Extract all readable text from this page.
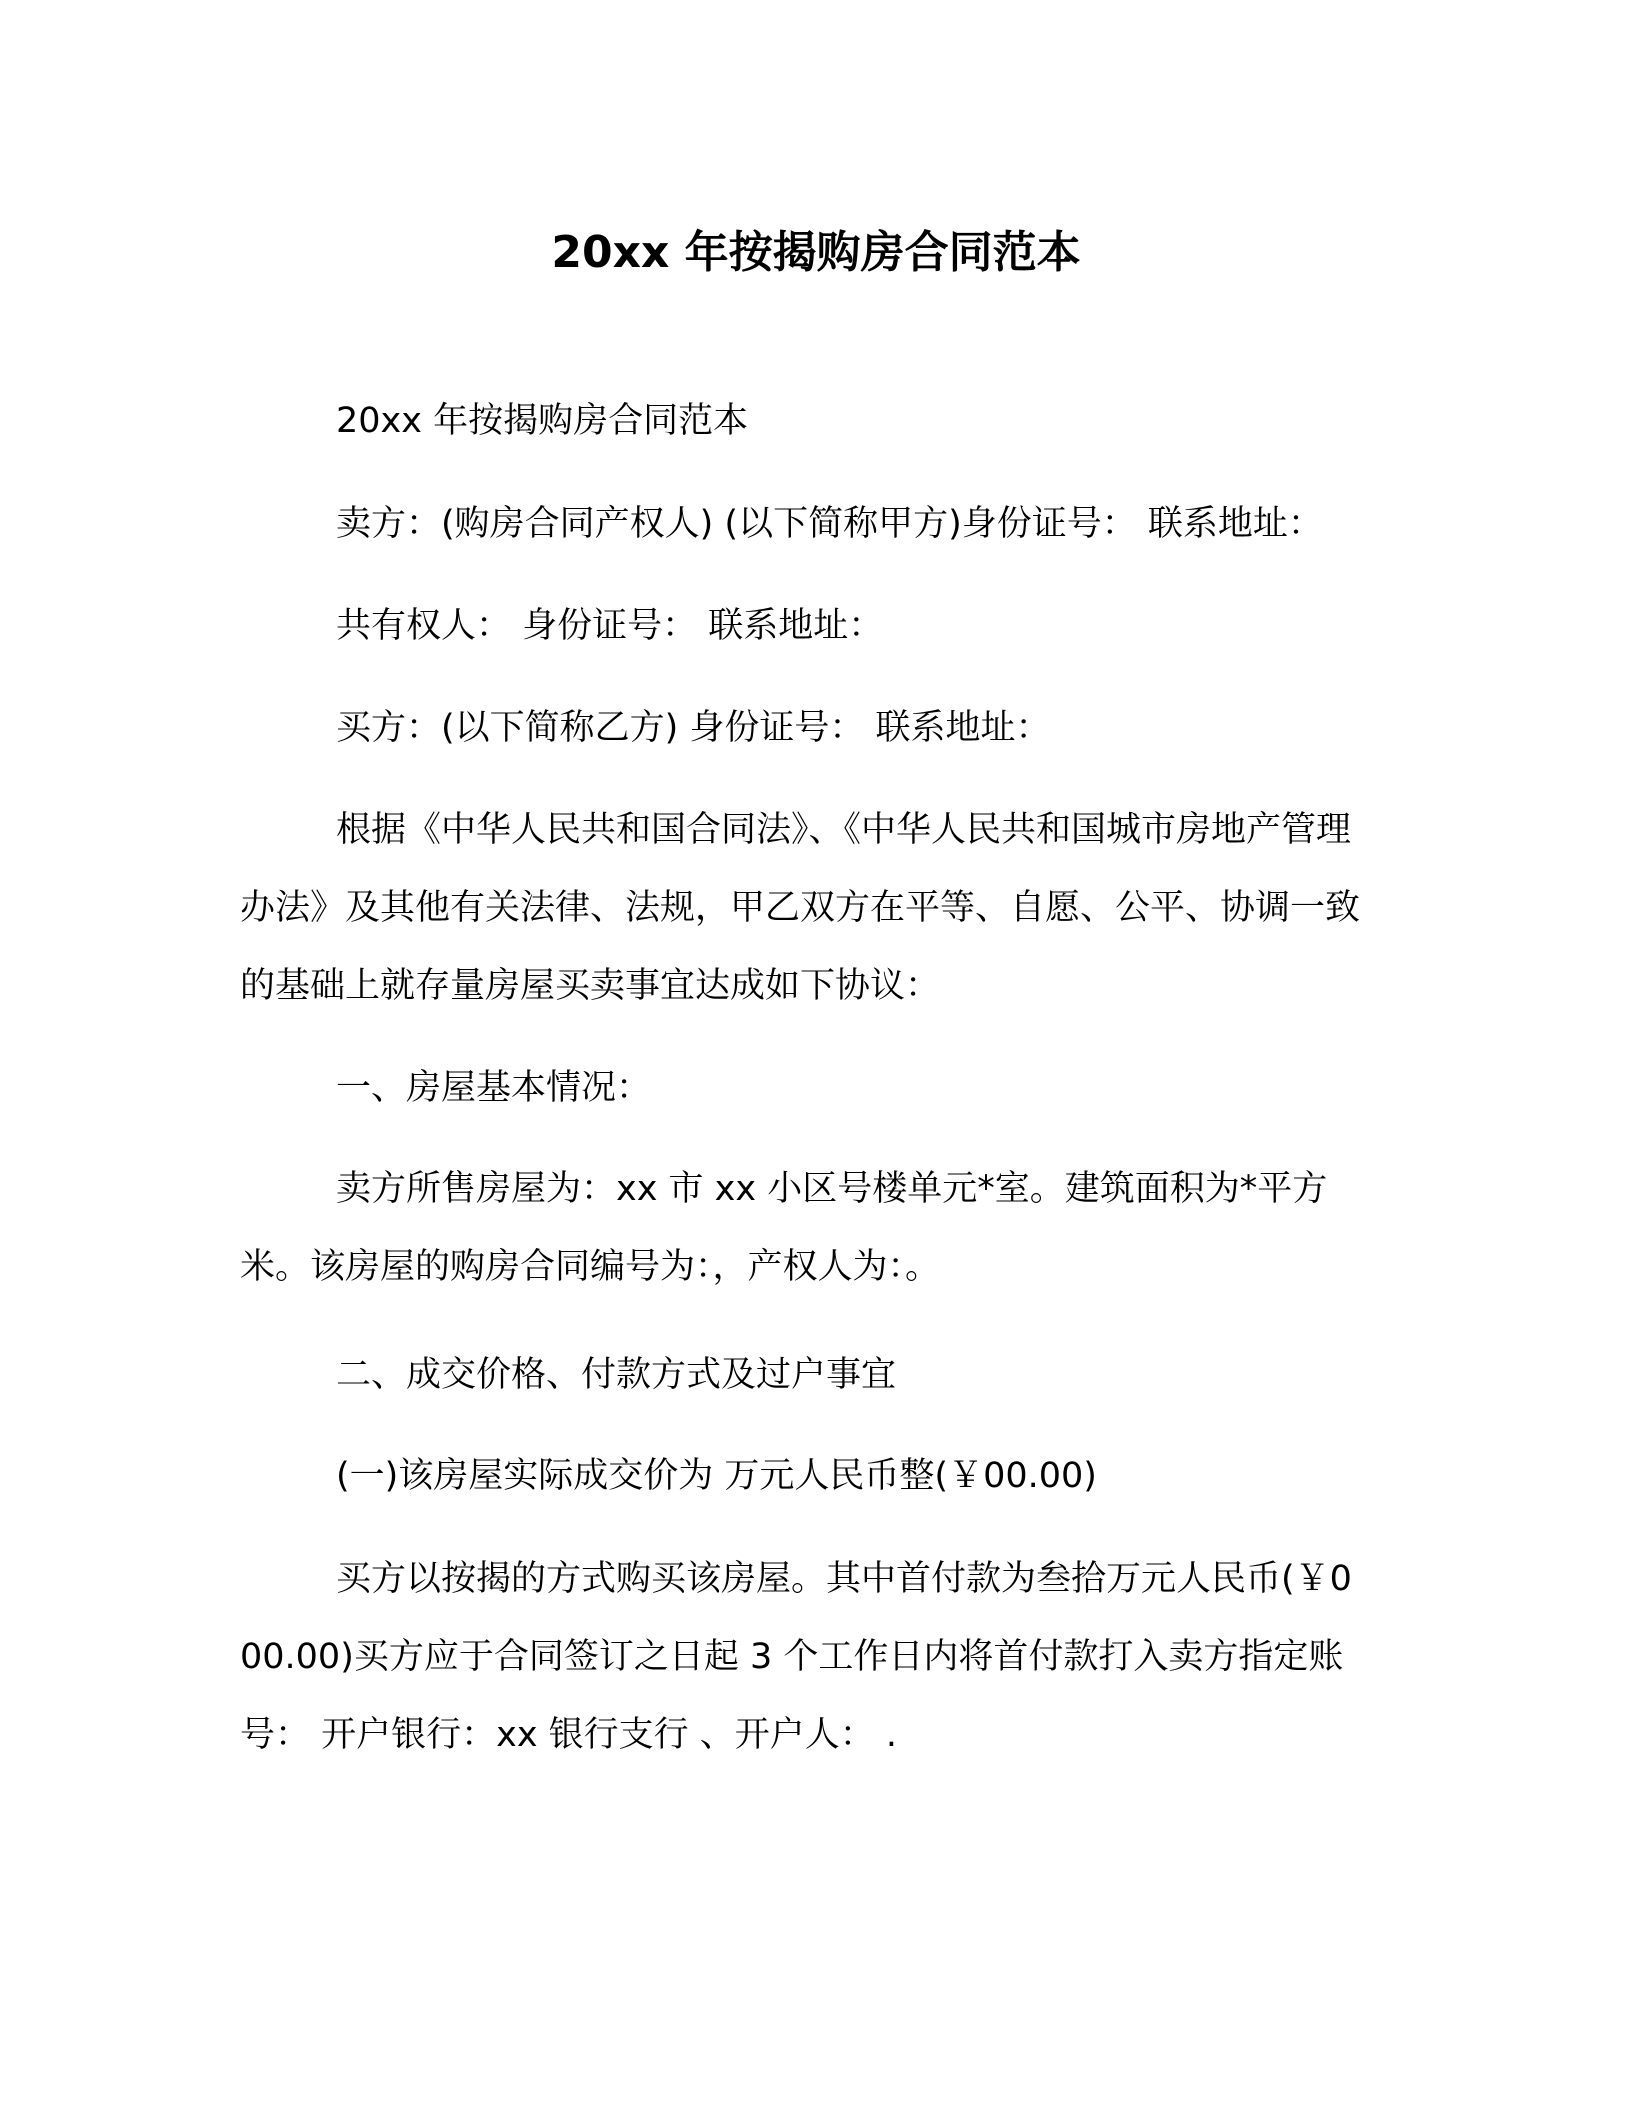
20xx 年按揭购房合同范本
20xx 年按揭购房合同范本
卖方：(购房合同产权人) (以下简称甲方)身份证号： 联系地址：
共有权人： 身份证号： 联系地址：
买方：(以下简称乙方) 身份证号： 联系地址：
根据《中华人民共和国合同法》、《中华人民共和国城市房地产管理办法》及其他有关法律、法规，甲乙双方在平等、自愿、公平、协调一致的基础上就存量房屋买卖事宜达成如下协议：
一、房屋基本情况：
卖方所售房屋为：xx 市 xx 小区号楼单元*室。建筑面积为*平方米。该房屋的购房合同编号为：，产权人为：。
二、成交价格、付款方式及过户事宜
(一)该房屋实际成交价为 万元人民币整(￥00.00)
买方以按揭的方式购买该房屋。其中首付款为叁拾万元人民币(￥000.00)买方应于合同签订之日起 3 个工作日内将首付款打入卖方指定账号： 开户银行：xx 银行支行 、开户人： .
